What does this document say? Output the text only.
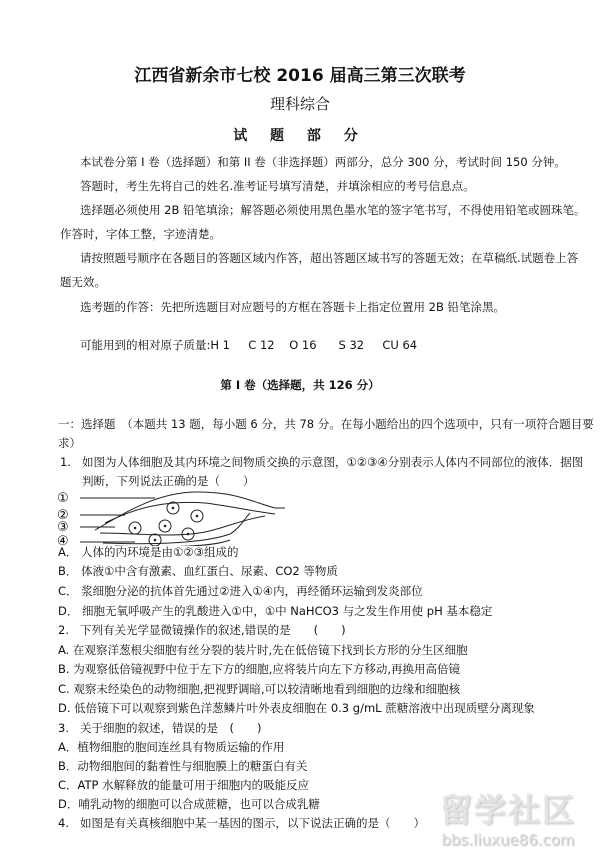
江西省新余市七校 2016 届高三第三次联考
理科综合
试 题 部 分
本试卷分第 I 卷（选择题）和第 II 卷（非选择题）两部分，总分 300 分，考试时间 150 分钟。
答题时，考生先将自己的姓名.准考证号填写清楚，并填涂相应的考号信息点。
选择题必须使用 2B 铅笔填涂；解答题必须使用黑色墨水笔的签字笔书写，不得使用铅笔或圆珠笔。
作答时，字体工整，字迹清楚。
请按照题号顺序在各题目的答题区域内作答，超出答题区域书写的答题无效；在草稿纸.试题卷上答
题无效。
选考题的作答：先把所选题目对应题号的方框在答题卡上指定位置用 2B 铅笔涂黑。
可能用到的相对原子质量:H 1     C 12    O 16      S 32     CU 64
第 I 卷（选择题，共 126 分）
一：选择题　（本题共 13 题，每小题 6 分，共 78 分。在每小题给出的四个选项中，只有一项符合题目要
求）
1. 如图为人体细胞及其内环境之间物质交换的示意图，①②③④分别表示人体内不同部位的液体．据图
判断，下列说法正确的是（　　）
①
②
③
④
A． 人体的内环境是由①②③组成的
B． 体液①中含有激素、血红蛋白、尿素、CO2 等物质
C． 浆细胞分泌的抗体首先通过②进入①④内，再经循环运输到发炎部位
D． 细胞无氧呼吸产生的乳酸进入①中，①中 NaHCO3 与之发生作用使 pH 基本稳定
2. 下列有关光学显微镜操作的叙述,错误的是　　(　　)
A. 在观察洋葱根尖细胞有丝分裂的装片时,先在低倍镜下找到长方形的分生区细胞
B. 为观察低倍镜视野中位于左下方的细胞,应将装片向左下方移动,再换用高倍镜
C. 观察未经染色的动物细胞,把视野调暗,可以较清晰地看到细胞的边缘和细胞核
D. 低倍镜下可以观察到紫色洋葱鳞片叶外表皮细胞在 0.3 g/mL 蔗糖溶液中出现质壁分离现象
3. 关于细胞的叙述，错误的是　(　　)
A．植物细胞的胞间连丝具有物质运输的作用
B．动物细胞间的黏着性与细胞膜上的糖蛋白有关
C．ATP 水解释放的能量可用于细胞内的吸能反应
D．哺乳动物的细胞可以合成蔗糖，也可以合成乳糖
4. 如图是有关真核细胞中某一基因的图示，以下说法正确的是（　　） 留学社区
bbs.liuxue86.com
